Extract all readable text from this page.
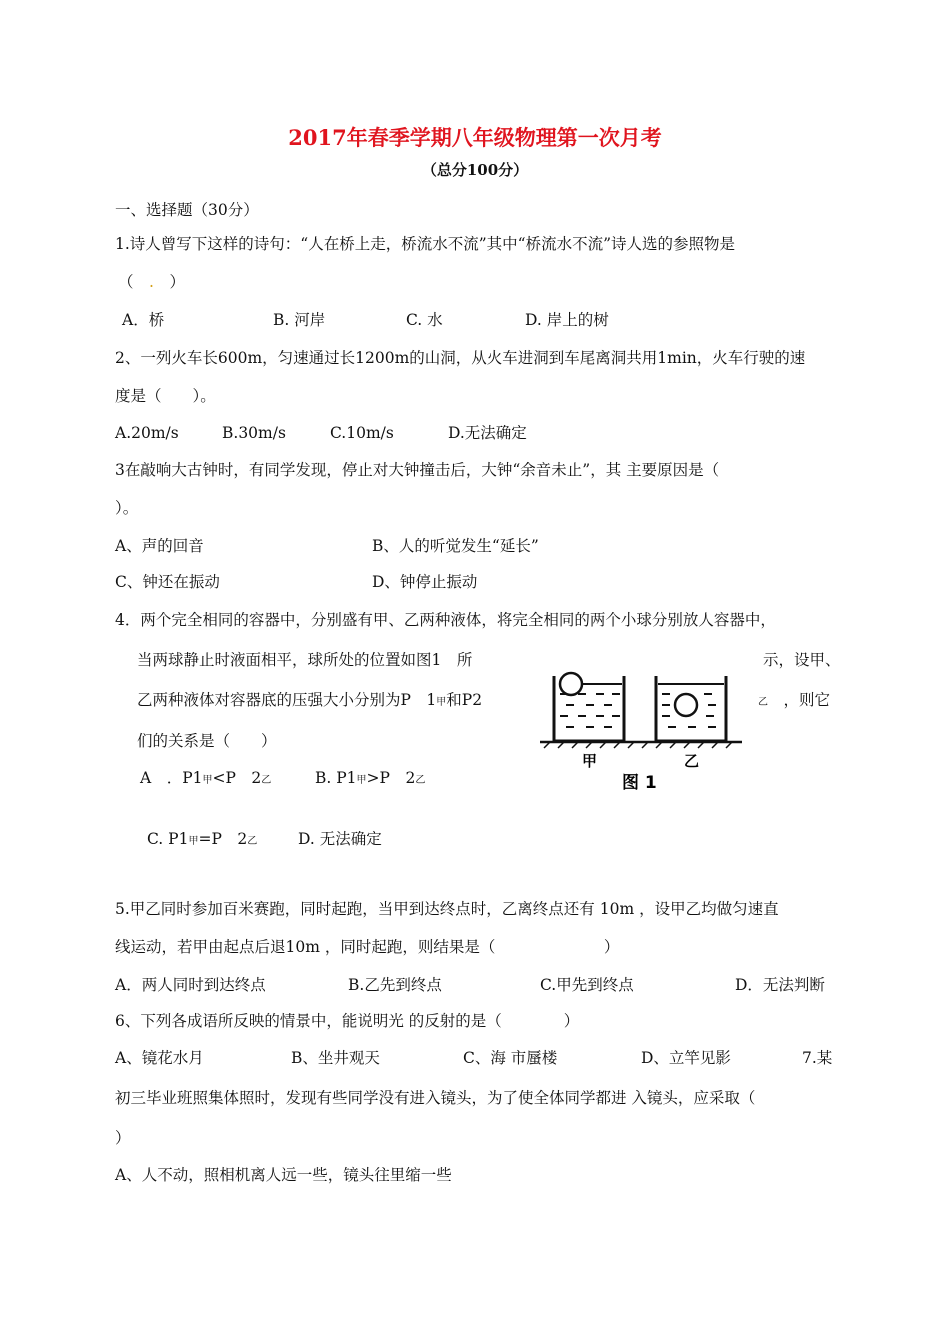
2017年春季学期八年级物理第一次月考
（总分100分）
一、选择题（30分）
1.诗人曾写下这样的诗句：“人在桥上走，桥流水不流”其中“桥流水不流”诗人选的参照物是
（　.　 ）
A．桥	B. 河岸	C. 水	D. 岸上的树
2、一列火车长600m，匀速通过长1200m的山洞，从火车进洞到车尾离洞共用1min，火车行驶的速
度是（　　）。
A.20m/s	B.30m/s	C.10m/s	D.无法确定
3在敲响大古钟时，有同学发现，停止对大钟撞击后，大钟“余音未止”，其 主要原因是（
）。
A、声的回音	B、人的听觉发生“延长”
C、钟还在振动	D、钟停止振动
4．两个完全相同的容器中，分别盛有甲、乙两种液体，将完全相同的两个小球分别放人容器中，
当两球静止时液面相平，球所处的位置如图1　所	示，设甲、
乙两种液体对容器底的压强大小分别为P　1甲和P2	乙　 ，则它
们的关系是（　　）
A　．P1甲<P　2乙	B. P1甲>P　2乙
C. P1甲=P　2乙	D. 无法确定
甲	乙
图 1
5.甲乙同时参加百米赛跑，同时起跑，当甲到达终点时，乙离终点还有 10m ，设甲乙均做匀速直
线运动，若甲由起点后退10m ，同时起跑，则结果是（　　　　　　　）
A．两人同时到达终点	B.乙先到终点	C.甲先到终点	D．无法判断
6、下列各成语所反映的情景中，能说明光 的反射的是（　　　　）
A、镜花水月	B、坐井观天	C、海 市蜃楼	D、立竿见影	7.某
初三毕业班照集体照时，发现有些同学没有进入镜头，为了使全体同学都进 入镜头，应采取（
）
A、人不动，照相机离人远一些，镜头往里缩一些
